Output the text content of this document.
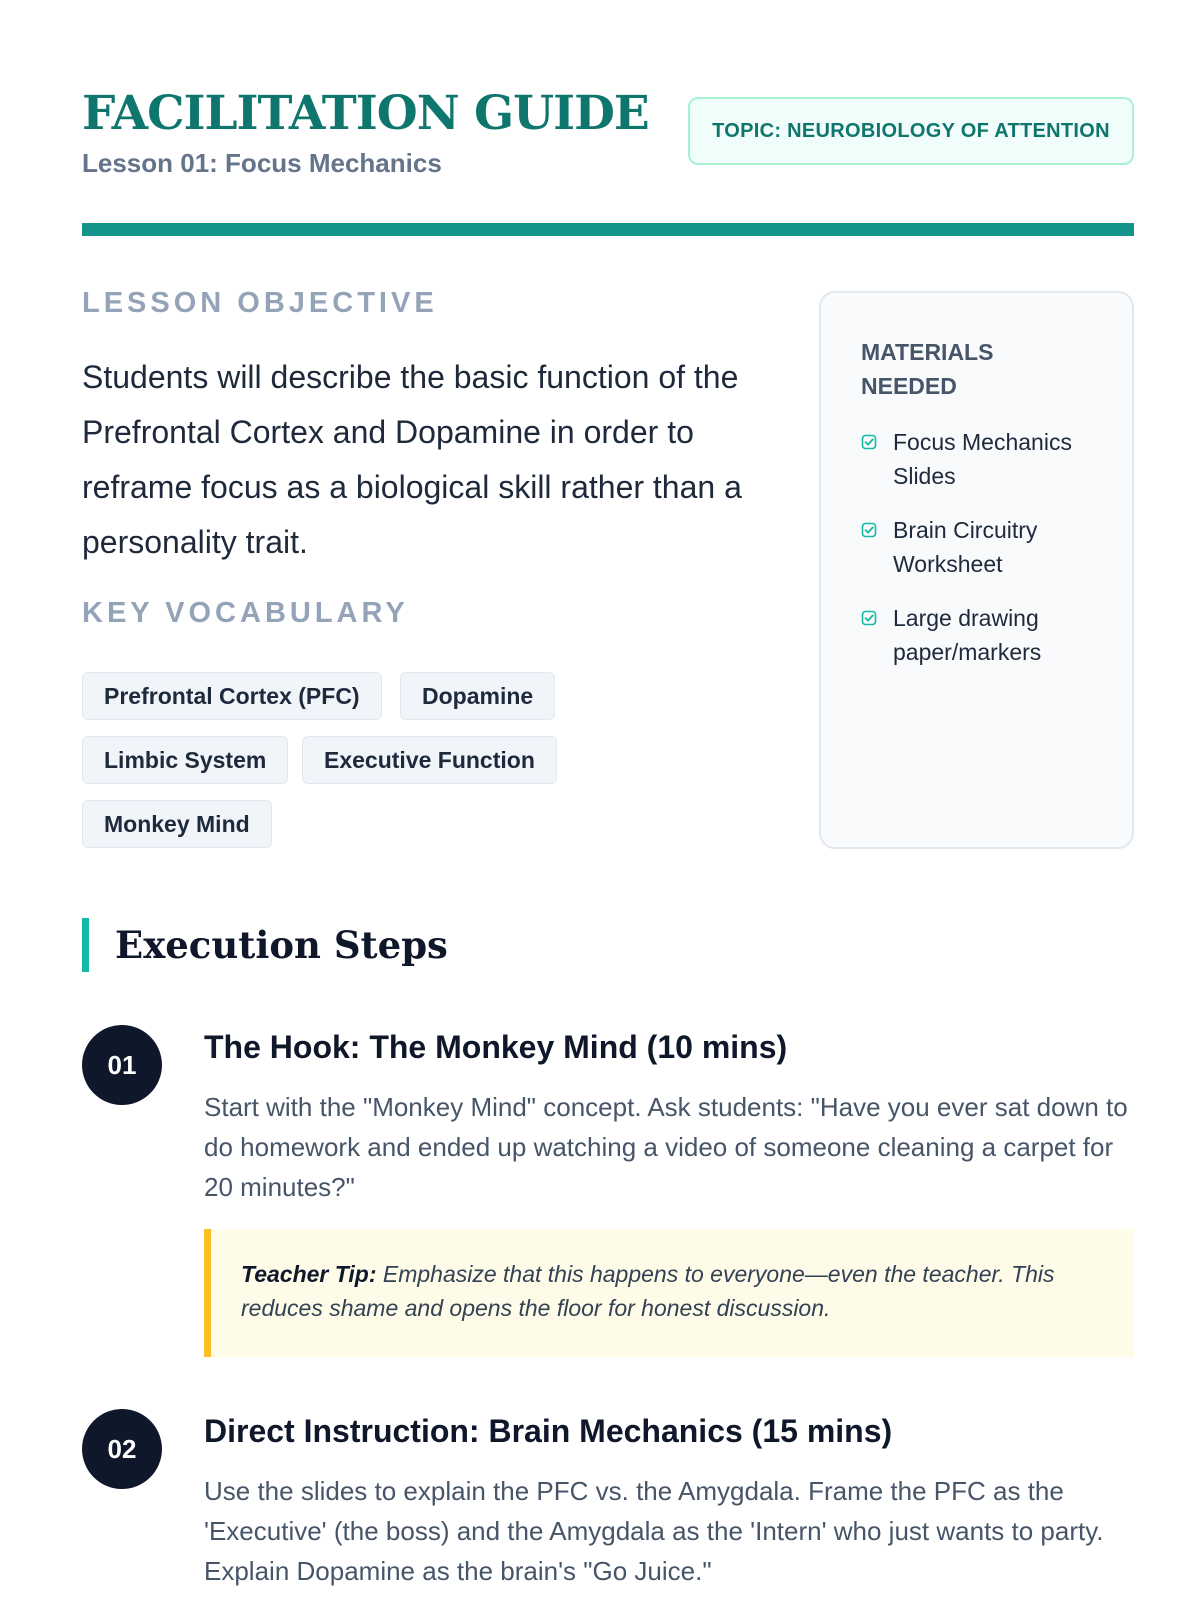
FACILITATION GUIDE
Lesson 01: Focus Mechanics
TOPIC: NEUROBIOLOGY OF ATTENTION
LESSON OBJECTIVE

Students will describe the basic function of the Prefrontal Cortex and Dopamine in order to reframe focus as a biological skill rather than a personality trait.

KEY VOCABULARY
Prefrontal Cortex (PFC)	Dopamine
Limbic System	Executive Function
Monkey Mind
MATERIALS NEEDED
Focus Mechanics Slides
Brain Circuitry Worksheet
Large drawing paper/markers
Execution Steps
01	The Hook: The Monkey Mind (10 mins)

Start with the "Monkey Mind" concept. Ask students: "Have you ever sat down to do homework and ended up watching a video of someone cleaning a carpet for 20 minutes?"

Teacher Tip: Emphasize that this happens to everyone—even the teacher. This reduces shame and opens the floor for honest discussion.
02	Direct Instruction: Brain Mechanics (15 mins)

Use the slides to explain the PFC vs. the Amygdala. Frame the PFC as the 'Executive' (the boss) and the Amygdala as the 'Intern' who just wants to party. Explain Dopamine as the brain's "Go Juice."
